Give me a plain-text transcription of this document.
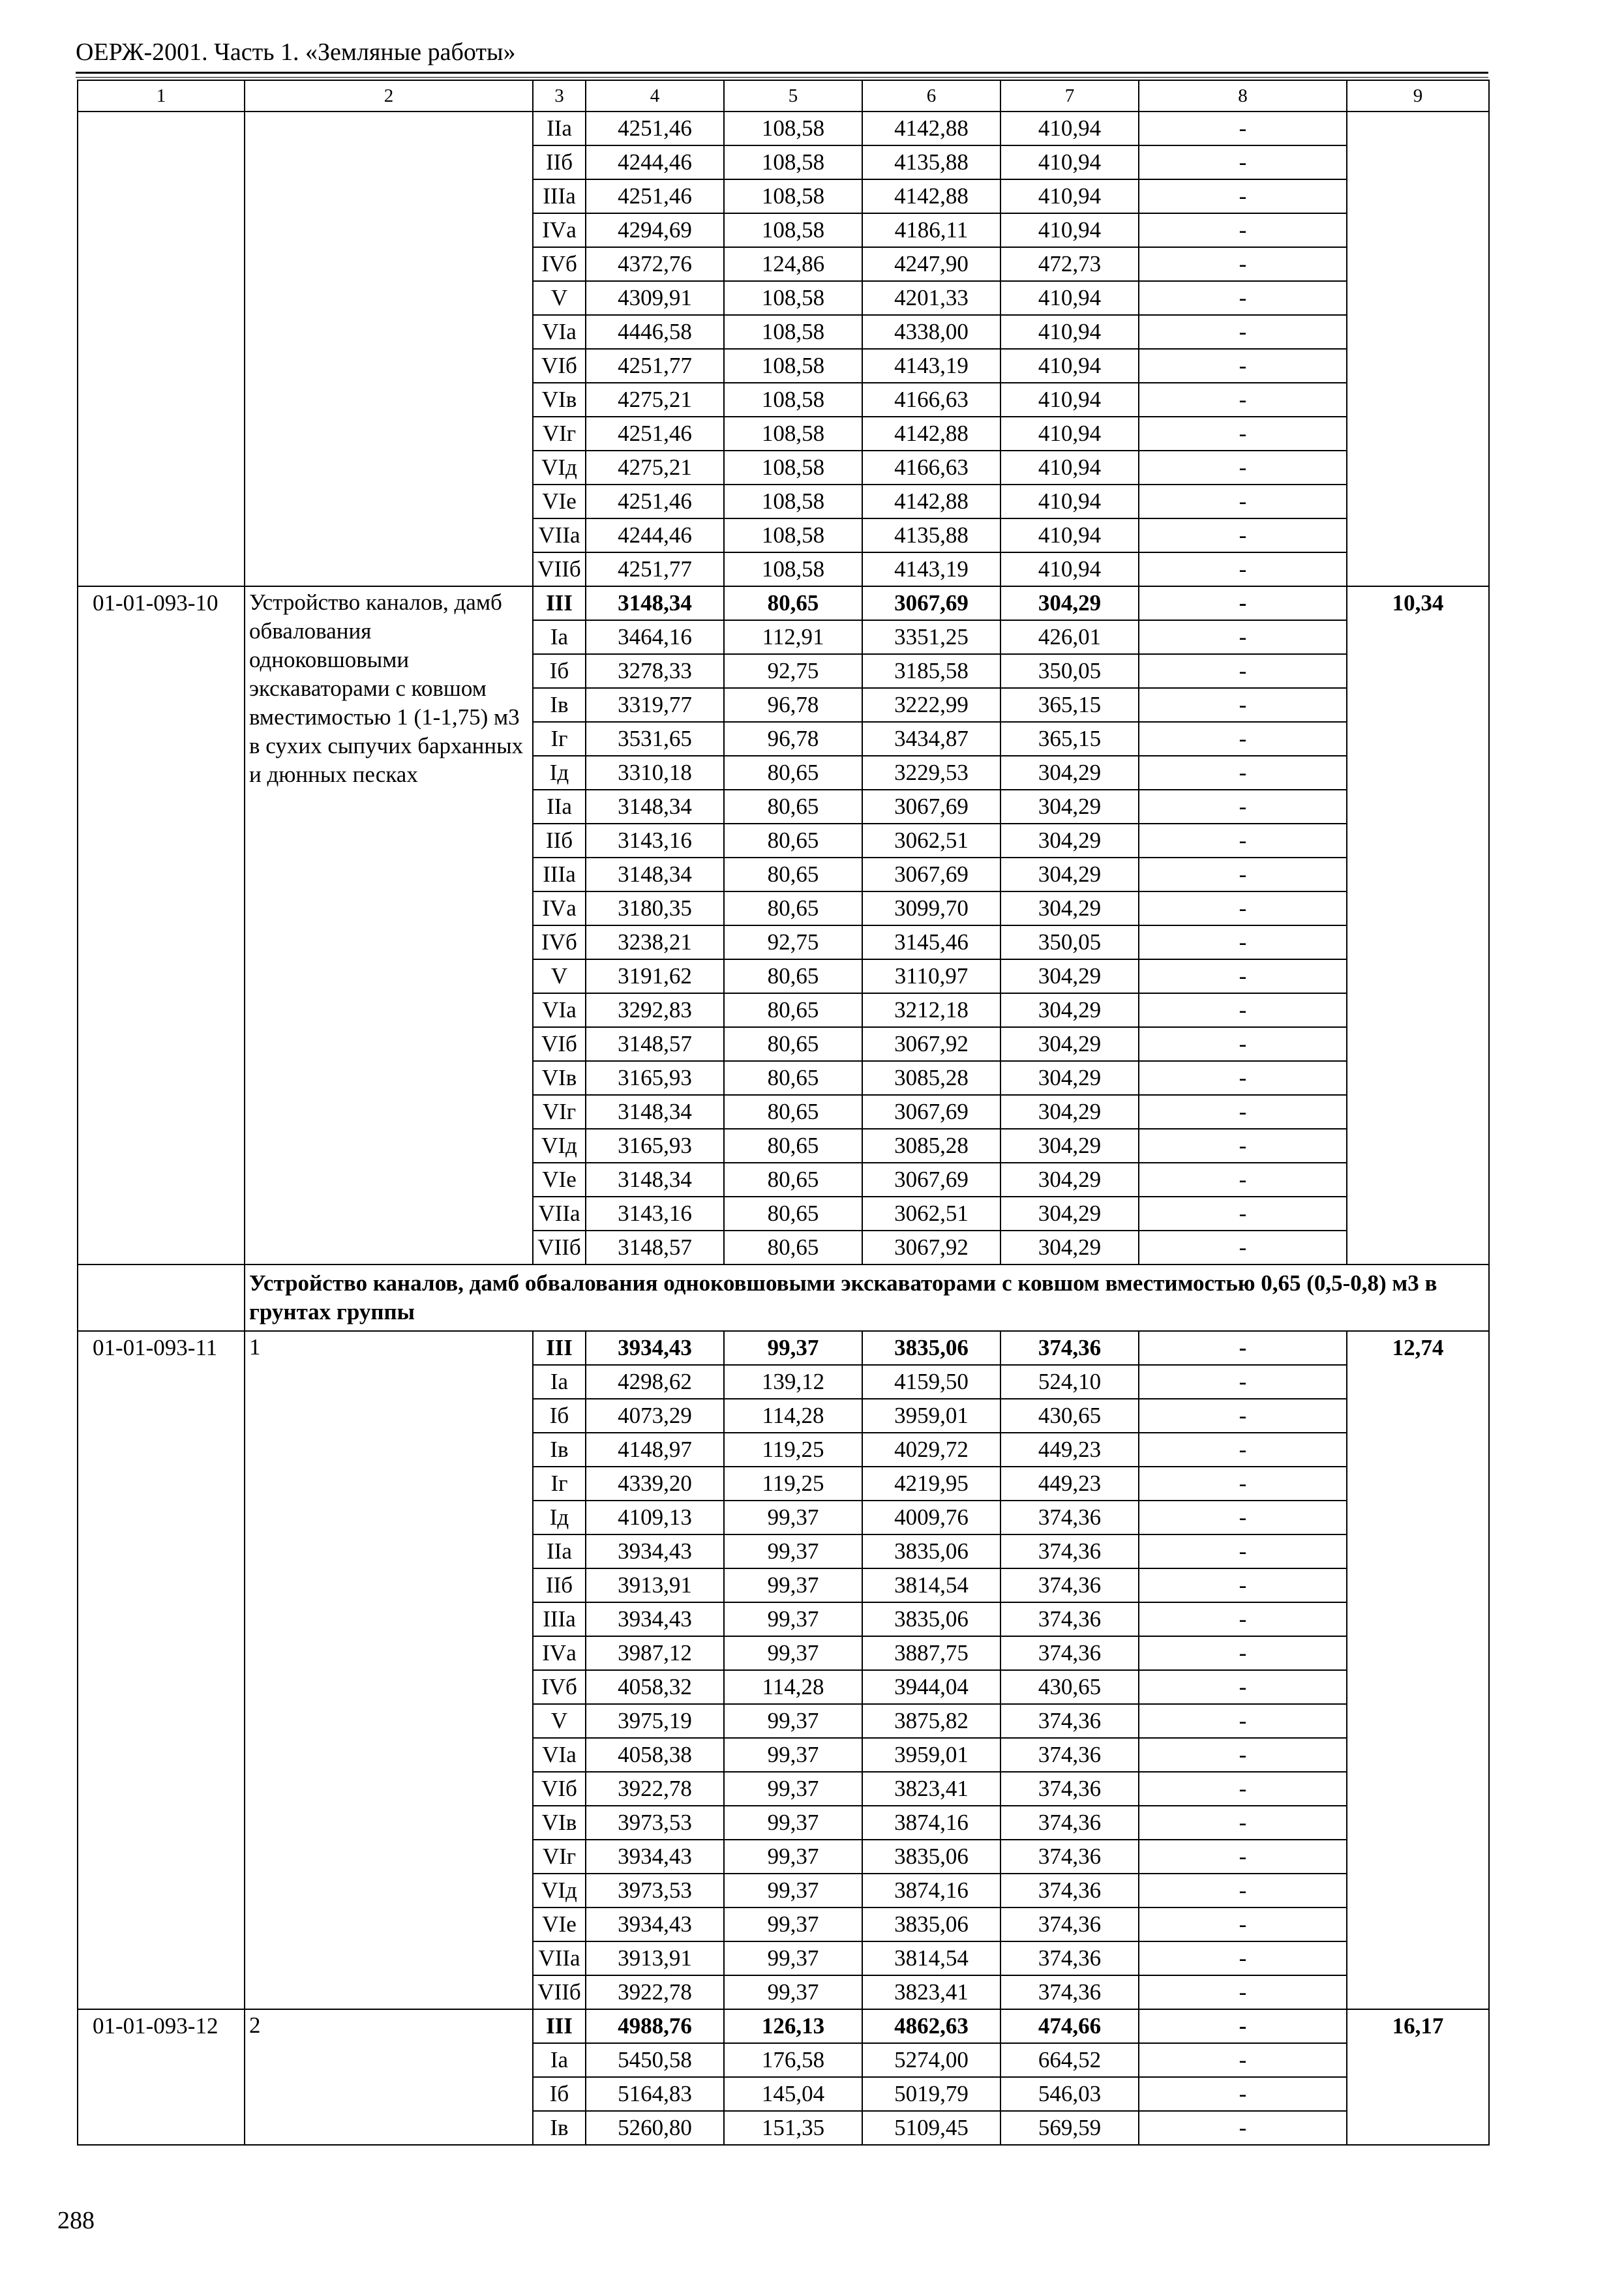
ОЕРЖ-2001. Часть 1. «Земляные работы»
1	2	3	4	5	6	7	8	9
		IIа	4251,46	108,58	4142,88	410,94	-	
		IIб	4244,46	108,58	4135,88	410,94	-	
		IIIа	4251,46	108,58	4142,88	410,94	-	
		IVа	4294,69	108,58	4186,11	410,94	-	
		IVб	4372,76	124,86	4247,90	472,73	-	
		V	4309,91	108,58	4201,33	410,94	-	
		VIа	4446,58	108,58	4338,00	410,94	-	
		VIб	4251,77	108,58	4143,19	410,94	-	
		VIв	4275,21	108,58	4166,63	410,94	-	
		VIг	4251,46	108,58	4142,88	410,94	-	
		VIд	4275,21	108,58	4166,63	410,94	-	
		VIе	4251,46	108,58	4142,88	410,94	-	
		VIIа	4244,46	108,58	4135,88	410,94	-	
		VIIб	4251,77	108,58	4143,19	410,94	-	
01-01-093-10	Устройство каналов, дамб обвалования одноковшовыми экскаваторами с ковшом вместимостью 1 (1-1,75) м3 в сухих сыпучих барханных и дюнных песках	III	3148,34	80,65	3067,69	304,29	-	10,34
		Iа	3464,16	112,91	3351,25	426,01	-	
		Iб	3278,33	92,75	3185,58	350,05	-	
		Iв	3319,77	96,78	3222,99	365,15	-	
		Iг	3531,65	96,78	3434,87	365,15	-	
		Iд	3310,18	80,65	3229,53	304,29	-	
		IIа	3148,34	80,65	3067,69	304,29	-	
		IIб	3143,16	80,65	3062,51	304,29	-	
		IIIа	3148,34	80,65	3067,69	304,29	-	
		IVа	3180,35	80,65	3099,70	304,29	-	
		IVб	3238,21	92,75	3145,46	350,05	-	
		V	3191,62	80,65	3110,97	304,29	-	
		VIа	3292,83	80,65	3212,18	304,29	-	
		VIб	3148,57	80,65	3067,92	304,29	-	
		VIв	3165,93	80,65	3085,28	304,29	-	
		VIг	3148,34	80,65	3067,69	304,29	-	
		VIд	3165,93	80,65	3085,28	304,29	-	
		VIе	3148,34	80,65	3067,69	304,29	-	
		VIIа	3143,16	80,65	3062,51	304,29	-	
		VIIб	3148,57	80,65	3067,92	304,29	-	
	Устройство каналов, дамб обвалования одноковшовыми экскаваторами с ковшом вместимостью 0,65 (0,5-0,8) м3 в грунтах группы							
01-01-093-11	1	III	3934,43	99,37	3835,06	374,36	-	12,74
		Iа	4298,62	139,12	4159,50	524,10	-	
		Iб	4073,29	114,28	3959,01	430,65	-	
		Iв	4148,97	119,25	4029,72	449,23	-	
		Iг	4339,20	119,25	4219,95	449,23	-	
		Iд	4109,13	99,37	4009,76	374,36	-	
		IIа	3934,43	99,37	3835,06	374,36	-	
		IIб	3913,91	99,37	3814,54	374,36	-	
		IIIа	3934,43	99,37	3835,06	374,36	-	
		IVа	3987,12	99,37	3887,75	374,36	-	
		IVб	4058,32	114,28	3944,04	430,65	-	
		V	3975,19	99,37	3875,82	374,36	-	
		VIа	4058,38	99,37	3959,01	374,36	-	
		VIб	3922,78	99,37	3823,41	374,36	-	
		VIв	3973,53	99,37	3874,16	374,36	-	
		VIг	3934,43	99,37	3835,06	374,36	-	
		VIд	3973,53	99,37	3874,16	374,36	-	
		VIе	3934,43	99,37	3835,06	374,36	-	
		VIIа	3913,91	99,37	3814,54	374,36	-	
		VIIб	3922,78	99,37	3823,41	374,36	-	
01-01-093-12	2	III	4988,76	126,13	4862,63	474,66	-	16,17
		Iа	5450,58	176,58	5274,00	664,52	-	
		Iб	5164,83	145,04	5019,79	546,03	-	
		Iв	5260,80	151,35	5109,45	569,59	-	
288
